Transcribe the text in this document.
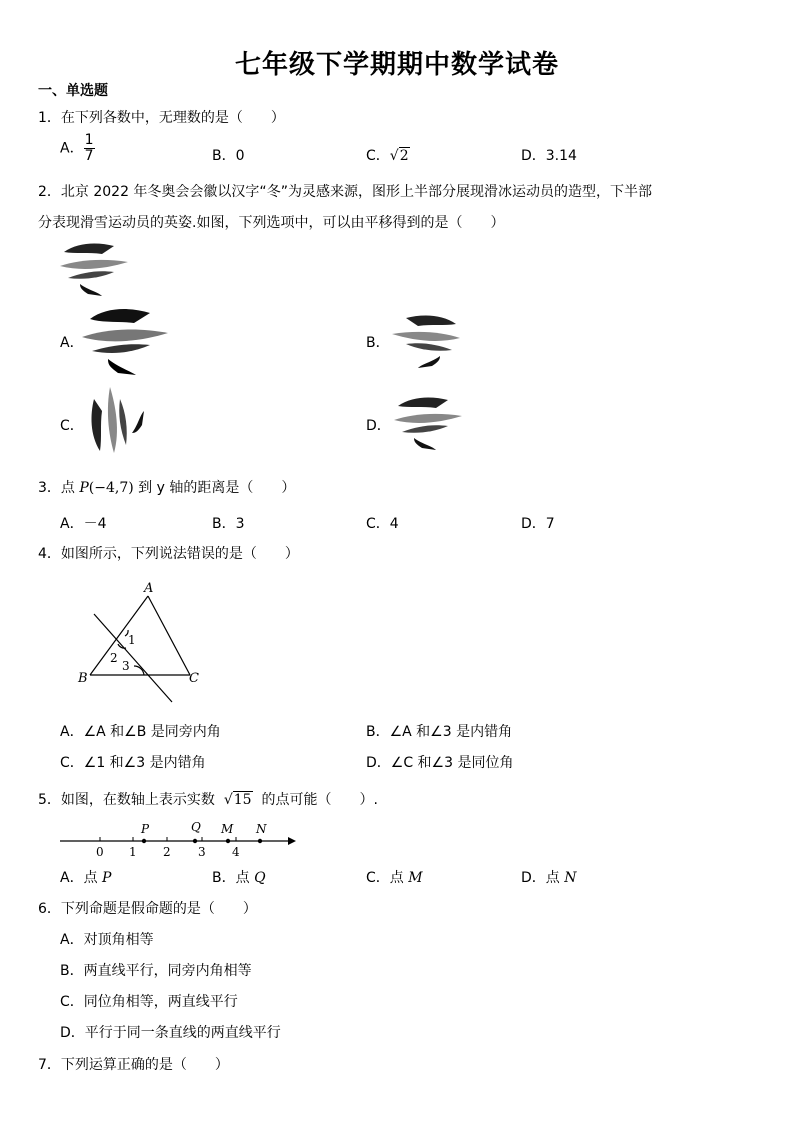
七年级下学期期中数学试卷
一、单选题
1．在下列各数中，无理数的是（　　）
A． $\frac{1}{7}$	B．0	C．√2	D．3.14
2．北京 2022 年冬奥会会徽以汉字“冬”为灵感来源，图形上半部分展现滑冰运动员的造型，下半部
分表现滑雪运动员的英姿.如图，下列选项中，可以由平移得到的是（　　）
A．	B．
C．	D．
3．点 P(−4,7) 到 y 轴的距离是（　　）
A．－4	B．3	C．4	D．7
4．如图所示，下列说法错误的是（　　）
A
B	C
1
2
3
A．∠A 和∠B 是同旁内角	B．∠A 和∠3 是内错角
C．∠1 和∠3 是内错角	D．∠C 和∠3 是同位角
5．如图，在数轴上表示实数 √15 的点可能（　　）.
0 1 2 3 4
P	Q M N
A．点 P	B．点 Q	C．点 M	D．点 N
6．下列命题是假命题的是（　　）
A．对顶角相等
B．两直线平行，同旁内角相等
C．同位角相等，两直线平行
D．平行于同一条直线的两直线平行
7．下列运算正确的是（　　）
